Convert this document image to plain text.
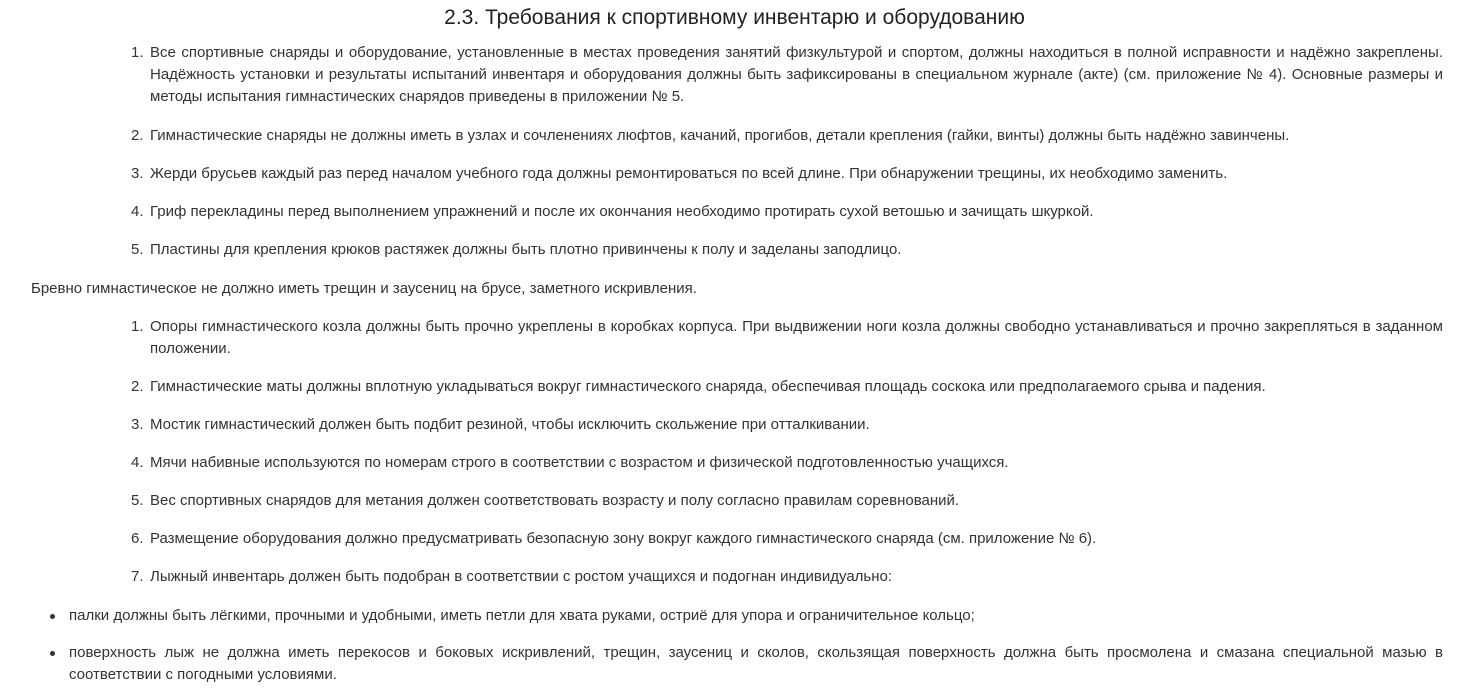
2.3. Требования к спортивному инвентарю и оборудованию
1. Все спортивные снаряды и оборудование, установленные в местах проведения занятий физкультурой и спортом, должны находиться в полной исправности и надёжно закреплены. Надёжность установки и результаты испытаний инвентаря и оборудования должны быть зафиксированы в специальном журнале (акте) (см. приложение № 4). Основные размеры и методы испытания гимнастических снарядов приведены в приложении № 5.
2. Гимнастические снаряды не должны иметь в узлах и сочленениях люфтов, качаний, прогибов, детали крепления (гайки, винты) должны быть надёжно завинчены.
3. Жерди брусьев каждый раз перед началом учебного года должны ремонтироваться по всей длине. При обнаружении трещины, их необходимо заменить.
4. Гриф перекладины перед выполнением упражнений и после их окончания необходимо протирать сухой ветошью и зачищать шкуркой.
5. Пластины для крепления крюков растяжек должны быть плотно привинчены к полу и заделаны заподлицо.

Бревно гимнастическое не должно иметь трещин и заусениц на брусе, заметного искривления.

1. Опоры гимнастического козла должны быть прочно укреплены в коробках корпуса. При выдвижении ноги козла должны свободно устанавливаться и прочно закрепляться в заданном положении.
2. Гимнастические маты должны вплотную укладываться вокруг гимнастического снаряда, обеспечивая площадь соскока или предполагаемого срыва и падения.
3. Мостик гимнастический должен быть подбит резиной, чтобы исключить скольжение при отталкивании.
4. Мячи набивные используются по номерам строго в соответствии с возрастом и физической подготовленностью учащихся.
5. Вес спортивных снарядов для метания должен соответствовать возрасту и полу согласно правилам соревнований.
6. Размещение оборудования должно предусматривать безопасную зону вокруг каждого гимнастического снаряда (см. приложение № 6).
7. Лыжный инвентарь должен быть подобран в соответствии с ростом учащихся и подогнан индивидуально:
палки должны быть лёгкими, прочными и удобными, иметь петли для хвата руками, остриё для упора и ограничительное кольцо;
поверхность лыж не должна иметь перекосов и боковых искривлений, трещин, заусениц и сколов, скользящая поверхность должна быть просмолена и смазана специальной мазью в соответствии с погодными условиями.
